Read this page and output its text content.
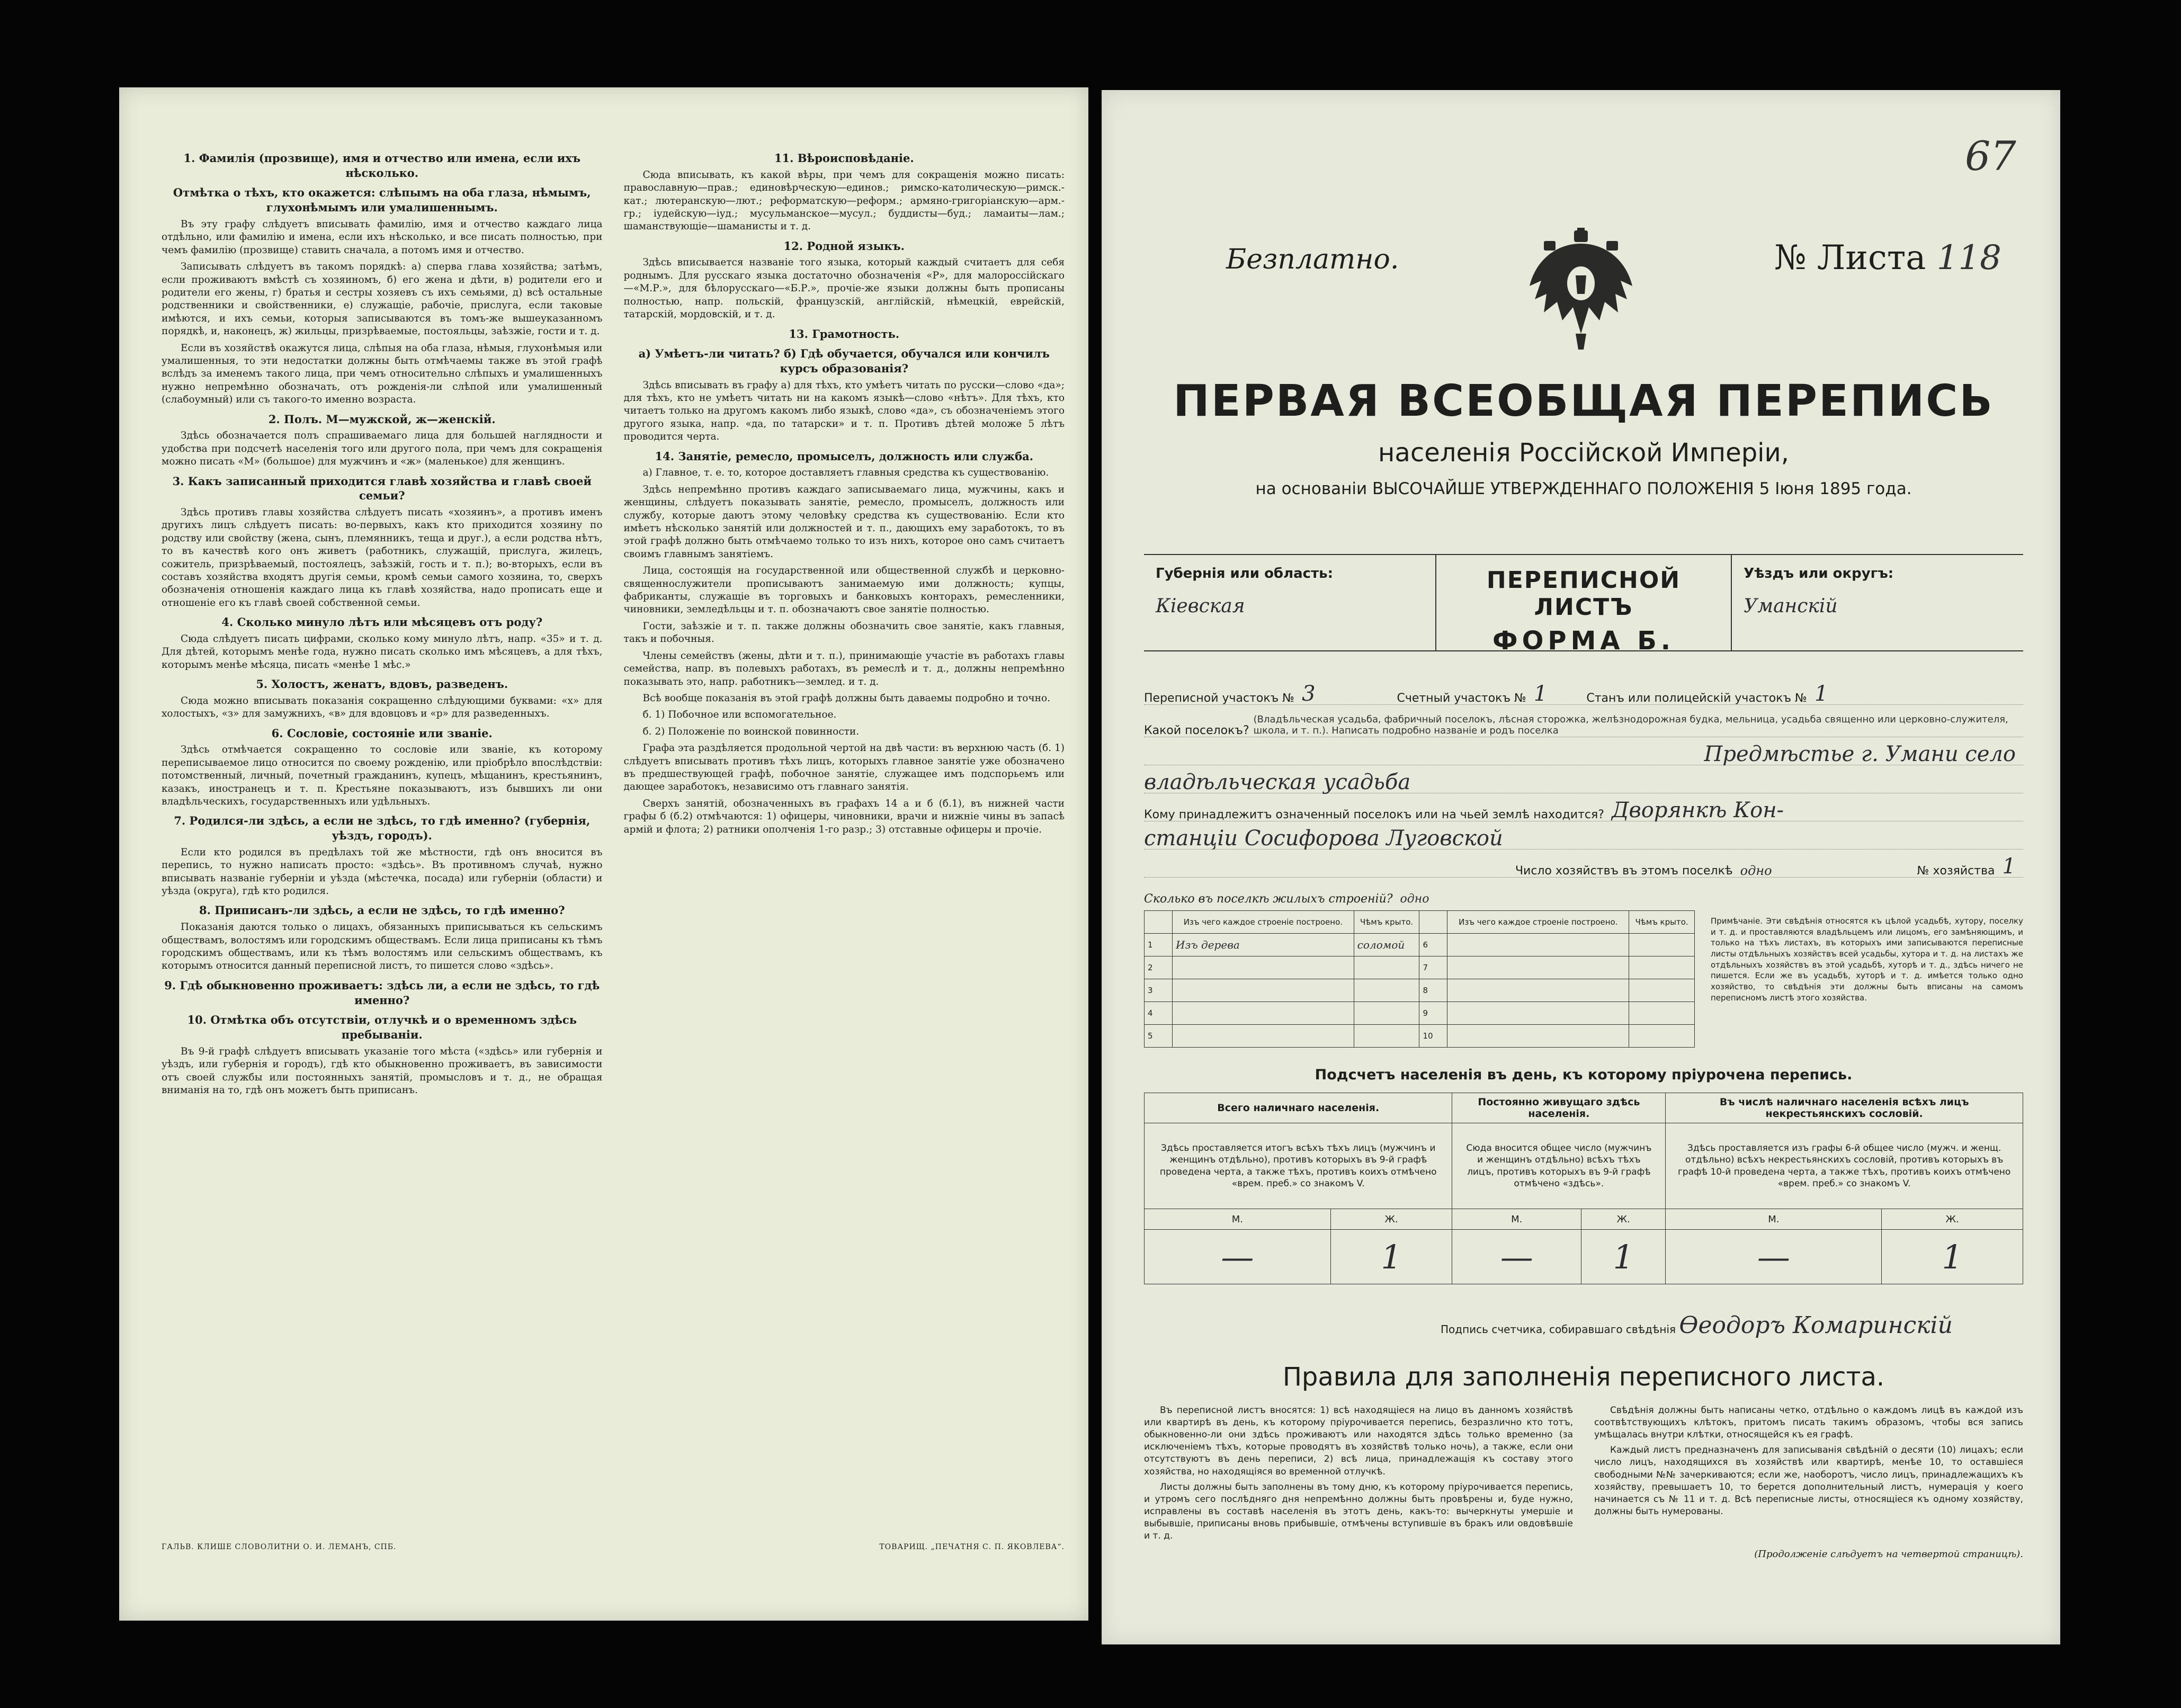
1. Фамилія (прозвище), имя и отчество или имена, если ихъ нѣсколько.
Отмѣтка о тѣхъ, кто окажется: слѣпымъ на оба глаза, нѣмымъ, глухонѣмымъ или умалишеннымъ.

Въ эту графу слѣдуетъ вписывать фамилію, имя и отчество каждаго лица отдѣльно, или фамилію и имена, если ихъ нѣсколько, и все писать полностью, при чемъ фамилію (прозвище) ставить сначала, а потомъ имя и отчество.

Записывать слѣдуетъ въ такомъ порядкѣ: а) сперва глава хозяйства; затѣмъ, если проживаютъ вмѣстѣ съ хозяиномъ, б) его жена и дѣти, в) родители его и родители его жены, г) братья и сестры хозяевъ съ ихъ семьями, д) всѣ остальные родственники и свойственники, е) служащіе, рабочіе, прислуга, если таковые имѣются, и ихъ семьи, которыя записываются въ томъ-же вышеуказанномъ порядкѣ, и, наконецъ, ж) жильцы, призрѣваемые, постояльцы, заѣзжіе, гости и т. д.

Если въ хозяйствѣ окажутся лица, слѣпыя на оба глаза, нѣмыя, глухонѣмыя или умалишенныя, то эти недостатки должны быть отмѣчаемы также въ этой графѣ вслѣдъ за именемъ такого лица, при чемъ относительно слѣпыхъ и умалишенныхъ нужно непремѣнно обозначать, отъ рожденія-ли слѣпой или умалишенный (слабоумный) или съ такого-то именно возраста.

2. Полъ. М—мужской, ж—женскій.

Здѣсь обозначается полъ спрашиваемаго лица для большей наглядности и удобства при подсчетѣ населенія того или другого пола, при чемъ для сокращенія можно писать «М» (большое) для мужчинъ и «ж» (маленькое) для женщинъ.

3. Какъ записанный приходится главѣ хозяйства и главѣ своей семьи?

Здѣсь противъ главы хозяйства слѣдуетъ писать «хозяинъ», а противъ именъ другихъ лицъ слѣдуетъ писать: во-первыхъ, какъ кто приходится хозяину по родству или свойству (жена, сынъ, племянникъ, теща и друг.), а если родства нѣтъ, то въ качествѣ кого онъ живетъ (работникъ, служащій, прислуга, жилецъ, сожитель, призрѣваемый, постоялецъ, заѣзжій, гость и т. п.); во-вторыхъ, если въ составъ хозяйства входятъ другія семьи, кромѣ семьи самого хозяина, то, сверхъ обозначенія отношенія каждаго лица къ главѣ хозяйства, надо прописать еще и отношеніе его къ главѣ своей собственной семьи.

4. Сколько минуло лѣтъ или мѣсяцевъ отъ роду?

Сюда слѣдуетъ писать цифрами, сколько кому минуло лѣтъ, напр. «35» и т. д. Для дѣтей, которымъ менѣе года, нужно писать сколько имъ мѣсяцевъ, а для тѣхъ, которымъ менѣе мѣсяца, писать «менѣе 1 мѣс.»

5. Холостъ, женатъ, вдовъ, разведенъ.

Сюда можно вписывать показанія сокращенно слѣдующими буквами: «х» для холостыхъ, «з» для замужнихъ, «в» для вдовцовъ и «р» для разведенныхъ.

6. Сословіе, состояніе или званіе.

Здѣсь отмѣчается сокращенно то сословіе или званіе, къ которому переписываемое лицо относится по своему рожденію, или пріобрѣло впослѣдствіи: потомственный, личный, почетный гражданинъ, купецъ, мѣщанинъ, крестьянинъ, казакъ, иностранецъ и т. п. Крестьяне показываютъ, изъ бывшихъ ли они владѣльческихъ, государственныхъ или удѣльныхъ.

7. Родился-ли здѣсь, а если не здѣсь, то гдѣ именно? (губернія, уѣздъ, городъ).

Если кто родился въ предѣлахъ той же мѣстности, гдѣ онъ вносится въ перепись, то нужно написать просто: «здѣсь». Въ противномъ случаѣ, нужно вписывать названіе губерніи и уѣзда (мѣстечка, посада) или губерніи (области) и уѣзда (округа), гдѣ кто родился.

8. Приписанъ-ли здѣсь, а если не здѣсь, то гдѣ именно?

Показанія даются только о лицахъ, обязанныхъ приписываться къ сельскимъ обществамъ, волостямъ или городскимъ обществамъ. Если лица приписаны къ тѣмъ городскимъ обществамъ, или къ тѣмъ волостямъ или сельскимъ обществамъ, къ которымъ относится данный переписной листъ, то пишется слово «здѣсь».

9. Гдѣ обыкновенно проживаетъ: здѣсь ли, а если не здѣсь, то гдѣ именно?
10. Отмѣтка объ отсутствіи, отлучкѣ и о временномъ здѣсь пребываніи.

Въ 9-й графѣ слѣдуетъ вписывать указаніе того мѣста («здѣсь» или губернія и уѣздъ, или губернія и городъ), гдѣ кто обыкновенно проживаетъ, въ зависимости отъ своей службы или постоянныхъ занятій, промысловъ и т. д., не обращая вниманія на то, гдѣ онъ можетъ быть приписанъ.

11. Вѣроисповѣданіе.

Сюда вписывать, къ какой вѣры, при чемъ для сокращенія можно писать: православную—прав.; единовѣрческую—единов.; римско-католическую—римск.-кат.; лютеранскую—лют.; реформатскую—реформ.; армяно-григоріанскую—арм.-гр.; іудейскую—іуд.; мусульманское—мусул.; буддисты—буд.; ламаиты—лам.; шаманствующіе—шаманисты и т. д.

12. Родной языкъ.

Здѣсь вписывается названіе того языка, который каждый считаетъ для себя роднымъ. Для русскаго языка достаточно обозначенія «Р», для малороссійскаго—«М.Р.», для бѣлорусскаго—«Б.Р.», прочіе-же языки должны быть прописаны полностью, напр. польскій, французскій, англійскій, нѣмецкій, еврейскій, татарскій, мордовскій, и т. д.

13. Грамотность.
а) Умѣетъ-ли читать? б) Гдѣ обучается, обучался или кончилъ курсъ образованія?

Здѣсь вписывать въ графу а) для тѣхъ, кто умѣетъ читать по русски—слово «да»; для тѣхъ, кто не умѣетъ читать ни на какомъ языкѣ—слово «нѣтъ». Для тѣхъ, кто читаетъ только на другомъ какомъ либо языкѣ, слово «да», съ обозначеніемъ этого другого языка, напр. «да, по татарски» и т. п. Противъ дѣтей моложе 5 лѣтъ проводится черта.

14. Занятіе, ремесло, промыселъ, должность или служба.

а) Главное, т. е. то, которое доставляетъ главныя средства къ существованію.

Здѣсь непремѣнно противъ каждаго записываемаго лица, мужчины, какъ и женщины, слѣдуетъ показывать занятіе, ремесло, промыселъ, должность или службу, которые даютъ этому человѣку средства къ существованію. Если кто имѣетъ нѣсколько занятій или должностей и т. п., дающихъ ему заработокъ, то въ этой графѣ должно быть отмѣчаемо только то изъ нихъ, которое оно самъ считаетъ своимъ главнымъ занятіемъ.

Лица, состоящія на государственной или общественной службѣ и церковно-священнослужители прописываютъ занимаемую ими должность; купцы, фабриканты, служащіе въ торговыхъ и банковыхъ конторахъ, ремесленники, чиновники, земледѣльцы и т. п. обозначаютъ свое занятіе полностью.

Гости, заѣзжіе и т. п. также должны обозначить свое занятіе, какъ главныя, такъ и побочныя.

Члены семействъ (жены, дѣти и т. п.), принимающіе участіе въ работахъ главы семейства, напр. въ полевыхъ работахъ, въ ремеслѣ и т. д., должны непремѣнно показывать это, напр. работникъ—землед. и т. д.

Всѣ вообще показанія въ этой графѣ должны быть даваемы подробно и точно.

б. 1) Побочное или вспомогательное.

б. 2) Положеніе по воинской повинности.

Графа эта раздѣляется продольной чертой на двѣ части: въ верхнюю часть (б. 1) слѣдуетъ вписывать противъ тѣхъ лицъ, которыхъ главное занятіе уже обозначено въ предшествующей графѣ, побочное занятіе, служащее имъ подспорьемъ или дающее заработокъ, независимо отъ главнаго занятія.

Сверхъ занятій, обозначенныхъ въ графахъ 14 а и б (б.1), въ нижней части графы б (б.2) отмѣчаются: 1) офицеры, чиновники, врачи и нижніе чины въ запасѣ армій и флота; 2) ратники ополченія 1-го разр.; 3) отставные офицеры и прочіе.

ГАЛЬВ. КЛИШЕ СЛОВОЛИТНИ О. И. ЛЕМАНЪ, СПБ.	ТОВАРИЩ. „ПЕЧАТНЯ С. П. ЯКОВЛЕВА“.
67
Безплатно.	№ Листа 118
ПЕРВАЯ ВСЕОБЩАЯ ПЕРЕПИСЬ
населенія Россійской Имперіи,
на основаніи ВЫСОЧАЙШЕ УТВЕРЖДЕННАГО ПОЛОЖЕНІЯ 5 Іюня 1895 года.
Губернія или область:
Кіевская
ПЕРЕПИСНОЙ ЛИСТЪ
ФОРМА Б.
Уѣздъ или округъ:
Уманскій
Переписной участокъ № 3	Счетный участокъ № 1	Станъ или полицейскій участокъ № 1
Какой поселокъ?
(Владѣльческая усадьба, фабричный поселокъ, лѣсная сторожка, желѣзнодорожная будка, мельница, усадьба священно или церковно-служителя, школа, и т. п.). Написать подробно названіе и родъ поселка
Предмѣстье г. Умани село
владѣльческая усадьба
Кому принадлежитъ означенный поселокъ или на чьей землѣ находится? Дворянкѣ Кон-
станціи Сосифорова Луговской
Число хозяйствъ въ этомъ поселкѣ одно	№ хозяйства 1
Сколько въ поселкѣ жилыхъ строеній? одно
	Изъ чего каждое строеніе построено.	Чѣмъ крыто.		Изъ чего каждое строеніе построено.	Чѣмъ крыто.
1	Изъ дерева	соломой	6		
2			7		
3			8		
4			9		
5			10		
Примѣчаніе. Эти свѣдѣнія относятся къ цѣлой усадьбѣ, хутору, поселку и т. д. и проставляются владѣльцемъ или лицомъ, его замѣняющимъ, и только на тѣхъ листахъ, въ которыхъ ими записываются переписные листы отдѣльныхъ хозяйствъ всей усадьбы, хутора и т. д. на листахъ же отдѣльныхъ хозяйствъ въ этой усадьбѣ, хуторѣ и т. д., здѣсь ничего не пишется. Если же въ усадьбѣ, хуторѣ и т. д. имѣется только одно хозяйство, то свѣдѣнія эти должны быть вписаны на самомъ переписномъ листѣ этого хозяйства.
Подсчетъ населенія въ день, къ которому пріурочена перепись.
Всего наличнаго населенія.		Постоянно живущаго здѣсь населенія.		Въ числѣ наличнаго населенія всѣхъ лицъ некрестьянскихъ сословій.	
Здѣсь проставляется итогъ всѣхъ тѣхъ лицъ (мужчинъ и женщинъ отдѣльно), противъ которыхъ въ 9-й графѣ проведена черта, а также тѣхъ, противъ коихъ отмѣчено «врем. преб.» со знакомъ V.		Сюда вносится общее число (мужчинъ и женщинъ отдѣльно) всѣхъ тѣхъ лицъ, противъ которыхъ въ 9-й графѣ отмѣчено «здѣсь».		Здѣсь проставляется изъ графы 6-й общее число (мужч. и женщ. отдѣльно) всѣхъ некрестьянскихъ сословій, противъ которыхъ въ графѣ 10-й проведена черта, а также тѣхъ, противъ коихъ отмѣчено «врем. преб.» со знакомъ V.	
М.	Ж.	М.	Ж.	М.	Ж.
—	1	—	1	—	1
Подпись счетчика, собиравшаго свѣдѣнія Ѳеодоръ Комаринскій
Правила для заполненія переписного листа.

Въ переписной листъ вносятся: 1) всѣ находящіеся на лицо въ данномъ хозяйствѣ или квартирѣ въ день, къ которому пріурочивается перепись, безразлично кто тотъ, обыкновенно-ли они здѣсь проживаютъ или находятся здѣсь только временно (за исключеніемъ тѣхъ, которые проводятъ въ хозяйствѣ только ночь), а также, если они отсутствуютъ въ день переписи, 2) всѣ лица, принадлежащія къ составу этого хозяйства, но находящіяся во временной отлучкѣ.

Листы должны быть заполнены въ тому дню, къ которому пріурочивается перепись, и утромъ сего послѣдняго дня непремѣнно должны быть провѣрены и, буде нужно, исправлены въ составѣ населенія въ этотъ день, какъ-то: вычеркнуты умершіе и выбывшіе, приписаны вновь прибывшіе, отмѣчены вступившіе въ бракъ или овдовѣвшіе и т. д.

Свѣдѣнія должны быть написаны четко, отдѣльно о каждомъ лицѣ въ каждой изъ соотвѣтствующихъ клѣтокъ, притомъ писать такимъ образомъ, чтобы вся запись умѣщалась внутри клѣтки, относящейся къ ея графѣ.

Каждый листъ предназначенъ для записыванія свѣдѣній о десяти (10) лицахъ; если число лицъ, находящихся въ хозяйствѣ или квартирѣ, менѣе 10, то оставшіеся свободными №№ зачеркиваются; если же, наоборотъ, число лицъ, принадлежащихъ къ хозяйству, превышаетъ 10, то берется дополнительный листъ, нумерація у коего начинается съ № 11 и т. д. Всѣ переписные листы, относящіеся къ одному хозяйству, должны быть нумерованы.

(Продолженіе слѣдуетъ на четвертой страницѣ).
